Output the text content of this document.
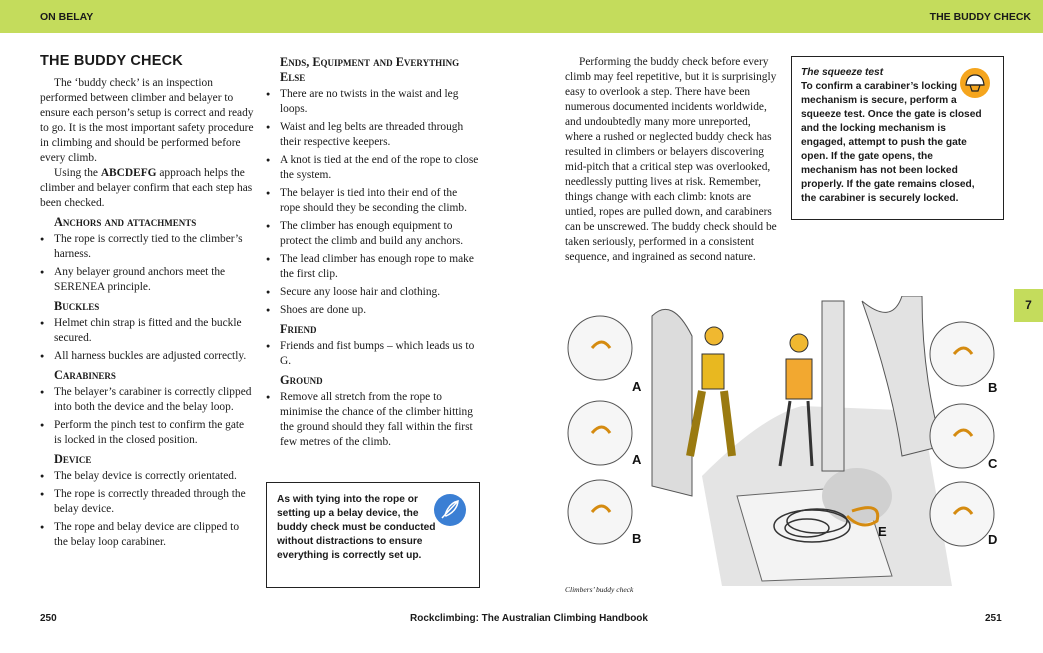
ON BELAY	THE BUDDY CHECK
7
THE BUDDY CHECK

The ‘buddy check’ is an inspection performed between climber and belayer to ensure each person’s setup is correct and ready to go. It is the most important safety procedure in climbing and should be performed before every climb.

Using the ABCDEFG approach helps the climber and belayer confirm that each step has been checked.

Anchors and attachments
● The rope is correctly tied to the climber’s harness.
● Any belayer ground anchors meet the SERENEA principle.
Buckles
● Helmet chin strap is fitted and the buckle secured.
● All harness buckles are adjusted correctly.
Carabiners
● The belayer’s carabiner is correctly clipped into both the device and the belay loop.
● Perform the pinch test to confirm the gate is locked in the closed position.
Device
● The belay device is correctly orientated.
● The rope is correctly threaded through the belay device.
● The rope and belay device are clipped to the belay loop carabiner.
Ends, Equipment and Everything Else
● There are no twists in the waist and leg loops.
● Waist and leg belts are threaded through their respective keepers.
● A knot is tied at the end of the rope to close the system.
● The belayer is tied into their end of the rope should they be seconding the climb.
● The climber has enough equipment to protect the climb and build any anchors.
● The lead climber has enough rope to make the first clip.
● Secure any loose hair and clothing.
● Shoes are done up.
Friend
● Friends and fist bumps – which leads us to G.
Ground
● Remove all stretch from the rope to minimise the chance of the climber hitting the ground should they fall within the first few metres of the climb.
As with tying into the rope or setting up a belay device, the buddy check must be conducted without distractions to ensure everything is correctly set up.

Performing the buddy check before every climb may feel repetitive, but it is surprisingly easy to overlook a step. There have been numerous documented incidents worldwide, and undoubtedly many more unreported, where a rushed or neglected buddy check has resulted in climbers or belayers discovering mid-pitch that a critical step was overlooked, needlessly putting lives at risk. Remember, things change with each climb: knots are untied, ropes are pulled down, and carabiners can be unscrewed. The buddy check should be taken seriously, performed in a consistent sequence, and ingrained as second nature.

The squeeze test
To confirm a carabiner’s locking mechanism is secure, perform a squeeze test. Once the gate is closed and the locking mechanism is engaged, attempt to push the gate open. If the gate opens, the mechanism has not been locked properly. If the gate remains closed, the carabiner is securely locked.
A
A
B
B
C
D
E
Climbers’ buddy check
250	Rockclimbing: The Australian Climbing Handbook	251
